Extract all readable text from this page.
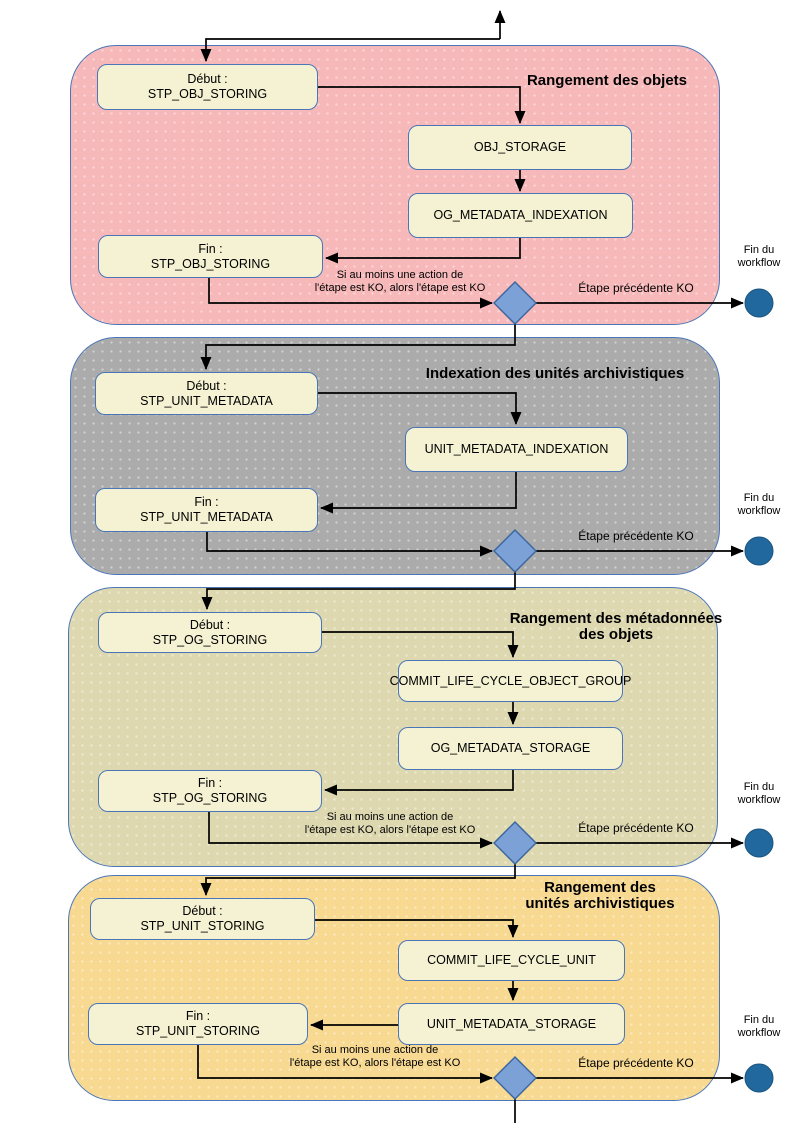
Rangement des objets
Début :
STP_OBJ_STORING
OBJ_STORAGE
OG_METADATA_INDEXATION
Fin :
STP_OBJ_STORING
Si au moins une action de
l'étape est KO, alors l'étape est KO	Étape précédente KO
Fin du
workflow
Indexation des unités archivistiques
Début :
STP_UNIT_METADATA
UNIT_METADATA_INDEXATION
Fin :
STP_UNIT_METADATA
Étape précédente KO
Fin du
workflow
Rangement des métadonnées
des objets
Début :
STP_OG_STORING
COMMIT_LIFE_CYCLE_OBJECT_GROUP
OG_METADATA_STORAGE
Fin :
STP_OG_STORING
Si au moins une action de
l'étape est KO, alors l'étape est KO	Étape précédente KO
Fin du
workflow
Rangement des
unités archivistiques
Début :
STP_UNIT_STORING
COMMIT_LIFE_CYCLE_UNIT
UNIT_METADATA_STORAGE
Fin :
STP_UNIT_STORING
Si au moins une action de
l'étape est KO, alors l'étape est KO	Étape précédente KO
Fin du
workflow
